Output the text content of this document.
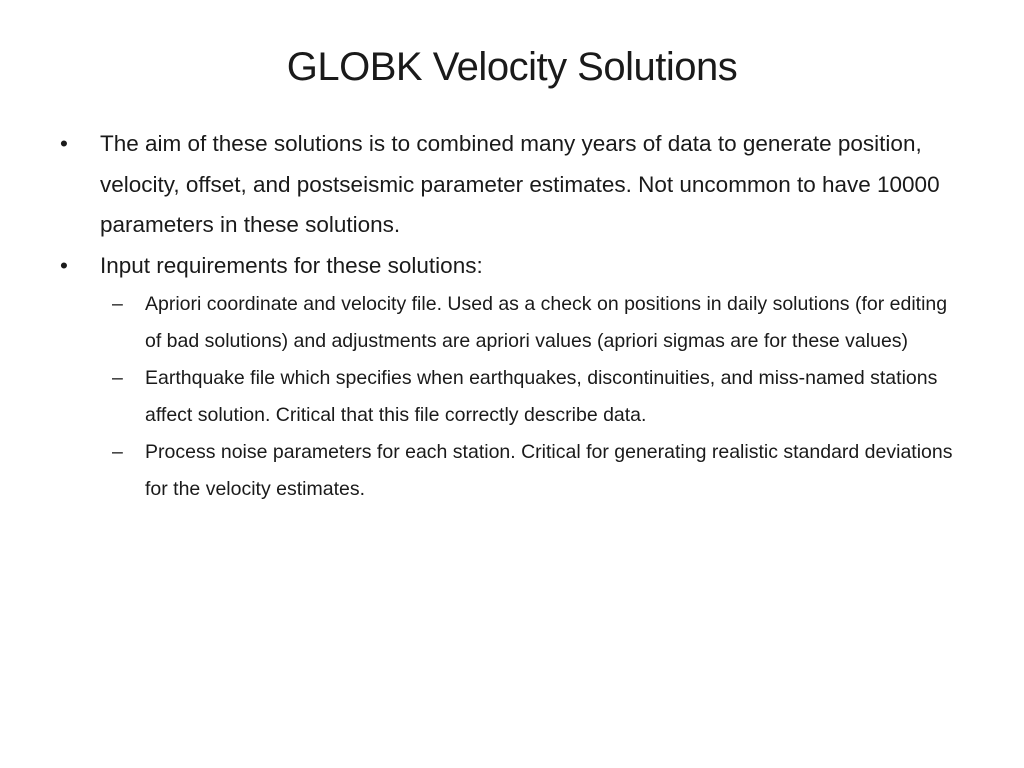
GLOBK Velocity Solutions

•	The aim of these solutions is to combined many years of data to generate position, velocity, offset, and postseismic parameter estimates. Not uncommon to have 10000 parameters in these solutions.

•	Input requirements for these solutions:

–	Apriori coordinate and velocity file. Used as a check on positions in daily solutions (for editing of bad solutions) and adjustments are apriori values (apriori sigmas are for these values)

–	Earthquake file which specifies when earthquakes, discontinuities, and miss-named stations affect solution. Critical that this file correctly describe data.

–	Process noise parameters for each station. Critical for generating realistic standard deviations for the velocity estimates.
